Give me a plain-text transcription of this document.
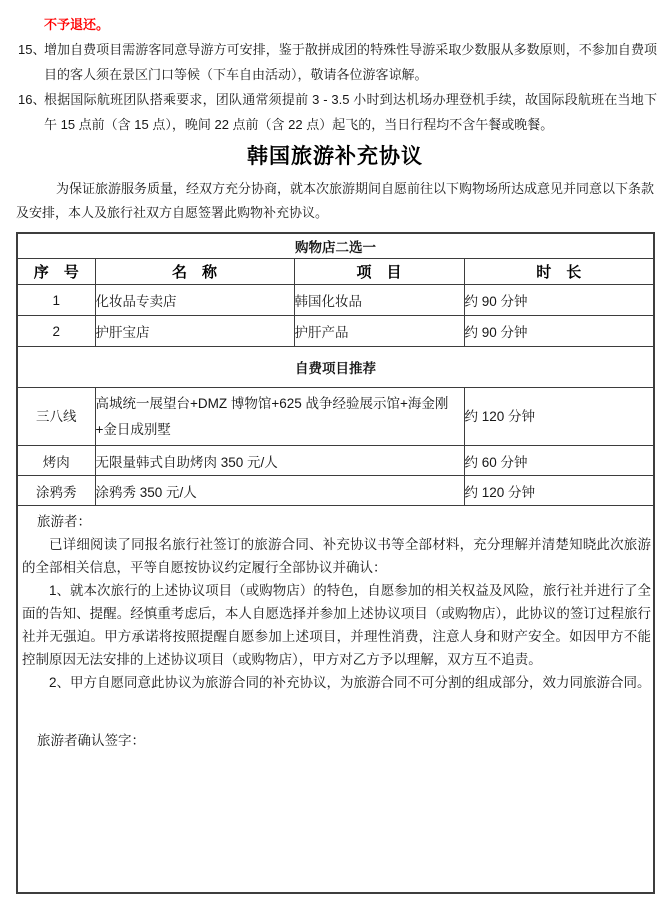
不予退还。
15、
增加自费项目需游客同意导游方可安排，鉴于散拼成团的特殊性导游采取少数服从多数原则，不参加自费项目的客人须在景区门口等候（下车自由活动），敬请各位游客谅解。
16、
根据国际航班团队搭乘要求，团队通常须提前 3 - 3.5 小时到达机场办理登机手续，故国际段航班在当地下午 15 点前（含 15 点），晚间 22 点前（含 22 点）起飞的，当日行程均不含午餐或晚餐。
韩国旅游补充协议
为保证旅游服务质量，经双方充分协商，就本次旅游期间自愿前往以下购物场所达成意见并同意以下条款及安排，本人及旅行社双方自愿签署此购物补充协议。
购物店二选一			
序　号	名　称	项　目	时　长
1	化妆品专卖店	韩国化妆品	约 90 分钟
2	护肝宝店	护肝产品	约 90 分钟
自费项目推荐			
三八线	高城统一展望台+DMZ 博物馆+625 战争经验展示馆+海金刚+金日成别墅		约 120 分钟
烤肉	无限量韩式自助烤肉 350 元/人		约 60 分钟
涂鸦秀	涂鸦秀 350 元/人		约 120 分钟

旅游者：

已详细阅读了同报名旅行社签订的旅游合同、补充协议书等全部材料，充分理解并清楚知晓此次旅游的全部相关信息，平等自愿按协议约定履行全部协议并确认：

1、就本次旅行的上述协议项目（或购物店）的特色，自愿参加的相关权益及风险，旅行社并进行了全面的告知、提醒。经慎重考虑后，本人自愿选择并参加上述协议项目（或购物店），此协议的签订过程旅行社并无强迫。甲方承诺将按照提醒自愿参加上述项目，并理性消费，注意人身和财产安全。如因甲方不能控制原因无法安排的上述协议项目（或购物店），甲方对乙方予以理解，双方互不追责。

2、甲方自愿同意此协议为旅游合同的补充协议，为旅游合同不可分割的组成部分，效力同旅游合同。

旅游者确认签字：			
